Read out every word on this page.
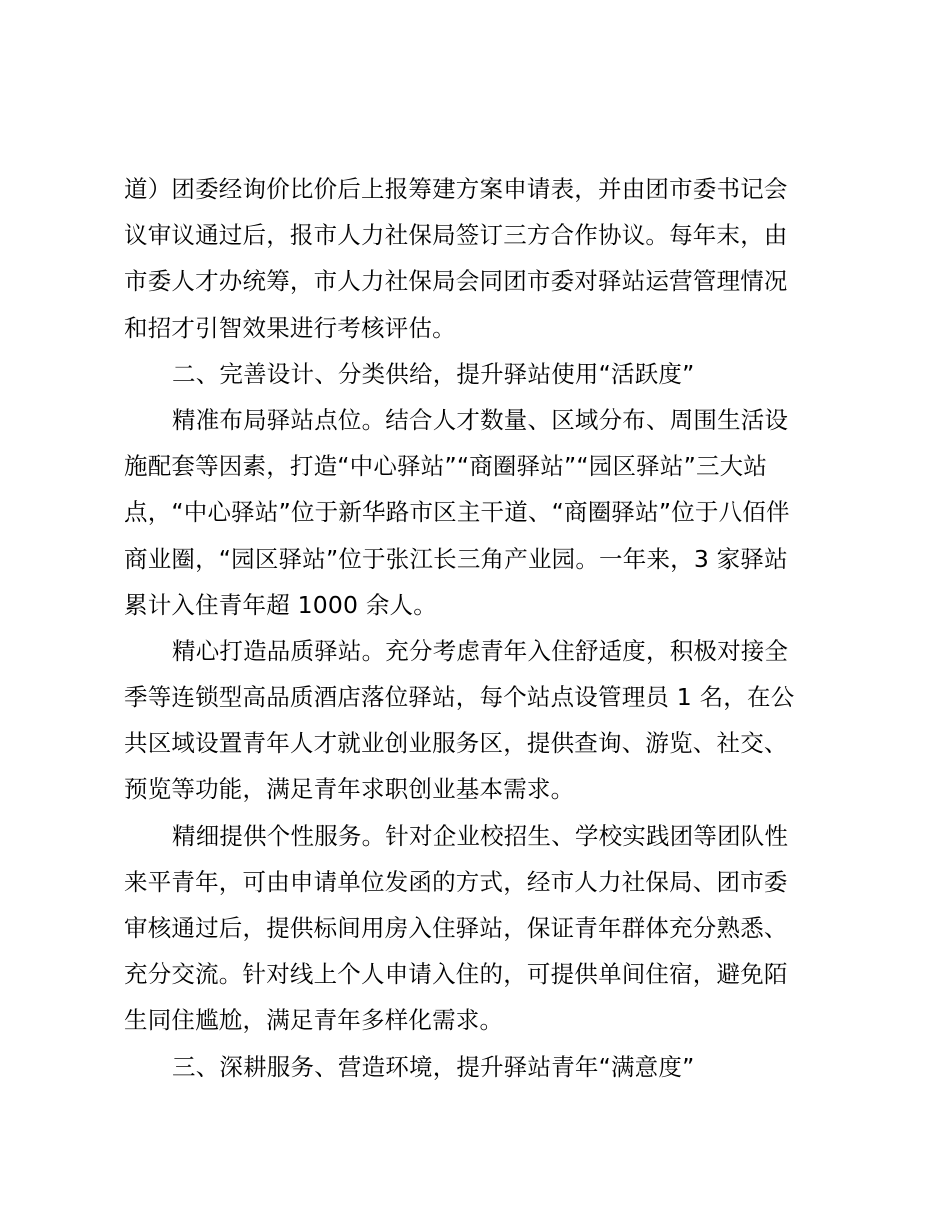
道）团委经询价比价后上报筹建方案申请表，并由团市委书记会
议审议通过后，报市人力社保局签订三方合作协议。每年末，由
市委人才办统筹，市人力社保局会同团市委对驿站运营管理情况
和招才引智效果进行考核评估。
二、完善设计、分类供给，提升驿站使用“活跃度”
精准布局驿站点位。结合人才数量、区域分布、周围生活设
施配套等因素，打造“中心驿站”“商圈驿站”“园区驿站”三大站
点，“中心驿站”位于新华路市区主干道、“商圈驿站”位于八佰伴
商业圈，“园区驿站”位于张江长三角产业园。一年来，3 家驿站
累计入住青年超 1000 余人。
精心打造品质驿站。充分考虑青年入住舒适度，积极对接全
季等连锁型高品质酒店落位驿站，每个站点设管理员 1 名，在公
共区域设置青年人才就业创业服务区，提供查询、游览、社交、
预览等功能，满足青年求职创业基本需求。
精细提供个性服务。针对企业校招生、学校实践团等团队性
来平青年，可由申请单位发函的方式，经市人力社保局、团市委
审核通过后，提供标间用房入住驿站，保证青年群体充分熟悉、
充分交流。针对线上个人申请入住的，可提供单间住宿，避免陌
生同住尴尬，满足青年多样化需求。
三、深耕服务、营造环境，提升驿站青年“满意度”
